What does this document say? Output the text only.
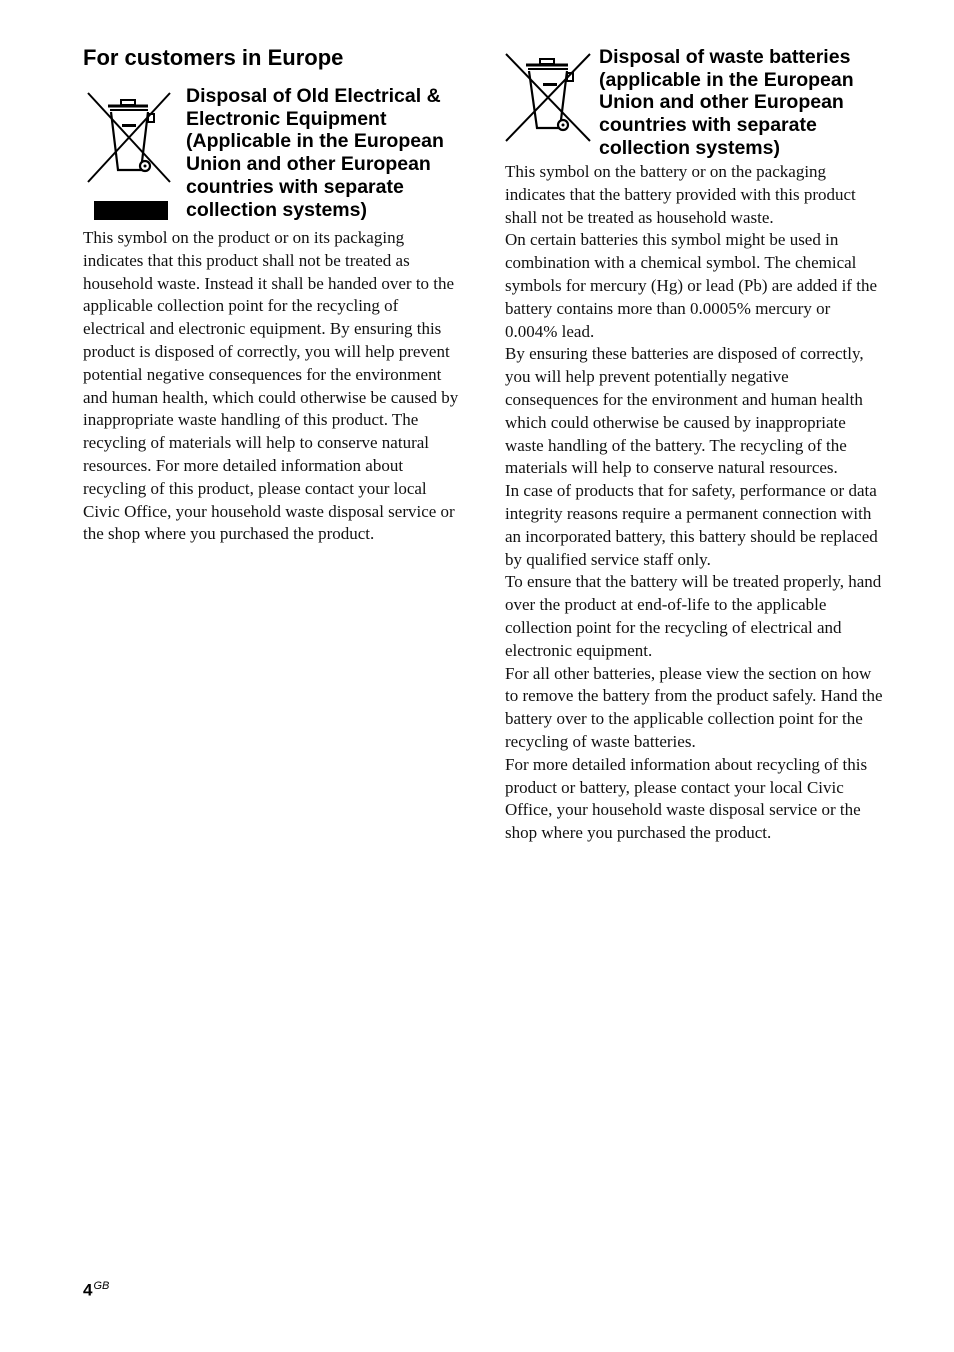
For customers in Europe
Disposal of Old Electrical &
Electronic Equipment
(Applicable in the European
Union and other European
countries with separate
collection systems)

This symbol on the product or on its packaging indicates that this product shall not be treated as household waste. Instead it shall be handed over to the applicable collection point for the recycling of electrical and electronic equipment. By ensuring this product is disposed of correctly, you will help prevent potential negative consequences for the environment and human health, which could otherwise be caused by inappropriate waste handling of this product. The recycling of materials will help to conserve natural resources. For more detailed information about recycling of this product, please contact your local Civic Office, your household waste disposal service or the shop where you purchased the product.

Disposal of waste batteries
(applicable in the European
Union and other European
countries with separate
collection systems)

This symbol on the battery or on the packaging indicates that the battery provided with this product shall not be treated as household waste.

On certain batteries this symbol might be used in combination with a chemical symbol. The chemical symbols for mercury (Hg) or lead (Pb) are added if the battery contains more than 0.0005% mercury or 0.004% lead.

By ensuring these batteries are disposed of correctly, you will help prevent potentially negative consequences for the environment and human health which could otherwise be caused by inappropriate waste handling of the battery. The recycling of the materials will help to conserve natural resources.

In case of products that for safety, performance or data integrity reasons require a permanent connection with an incorporated battery, this battery should be replaced by qualified service staff only.

To ensure that the battery will be treated properly, hand over the product at end-of-life to the applicable collection point for the recycling of electrical and electronic equipment.

For all other batteries, please view the section on how to remove the battery from the product safely. Hand the battery over to the applicable collection point for the recycling of waste batteries.

For more detailed information about recycling of this product or battery, please contact your local Civic Office, your household waste disposal service or the shop where you purchased the product.

$4^{GB}$
